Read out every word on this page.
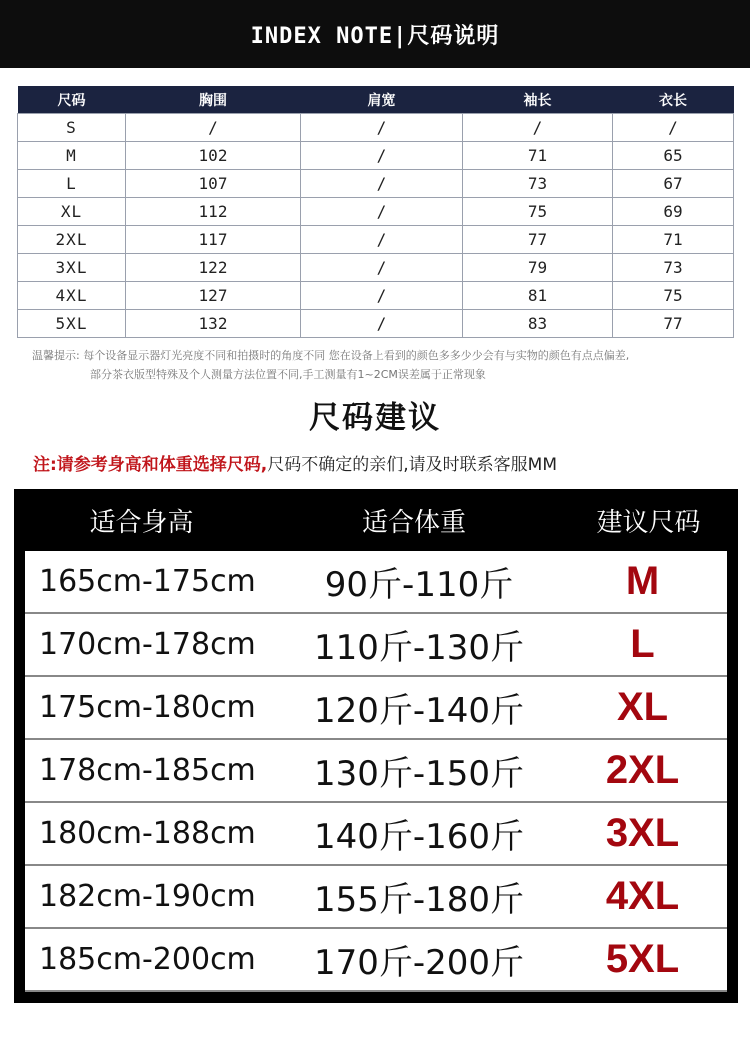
INDEX NOTE|尺码说明
尺码	胸围	肩宽	袖长	衣长
S	/	/	/	/
M	102	/	71	65
L	107	/	73	67
XL	112	/	75	69
2XL	117	/	77	71
3XL	122	/	79	73
4XL	127	/	81	75
5XL	132	/	83	77
温馨提示: 每个设备显示器灯光亮度不同和拍摄时的角度不同 您在设备上看到的颜色多多少少会有与实物的颜色有点点偏差,
部分茶衣版型特殊及个人测量方法位置不同,手工测量有1~2CM误差属于正常现象
尺码建议
注:请参考身高和体重选择尺码,尺码不确定的亲们,请及时联系客服MM
适合身高	适合体重	建议尺码
165cm-175cm	90斤-110斤	M
170cm-178cm	110斤-130斤	L
175cm-180cm	120斤-140斤	XL
178cm-185cm	130斤-150斤	2XL
180cm-188cm	140斤-160斤	3XL
182cm-190cm	155斤-180斤	4XL
185cm-200cm	170斤-200斤	5XL
